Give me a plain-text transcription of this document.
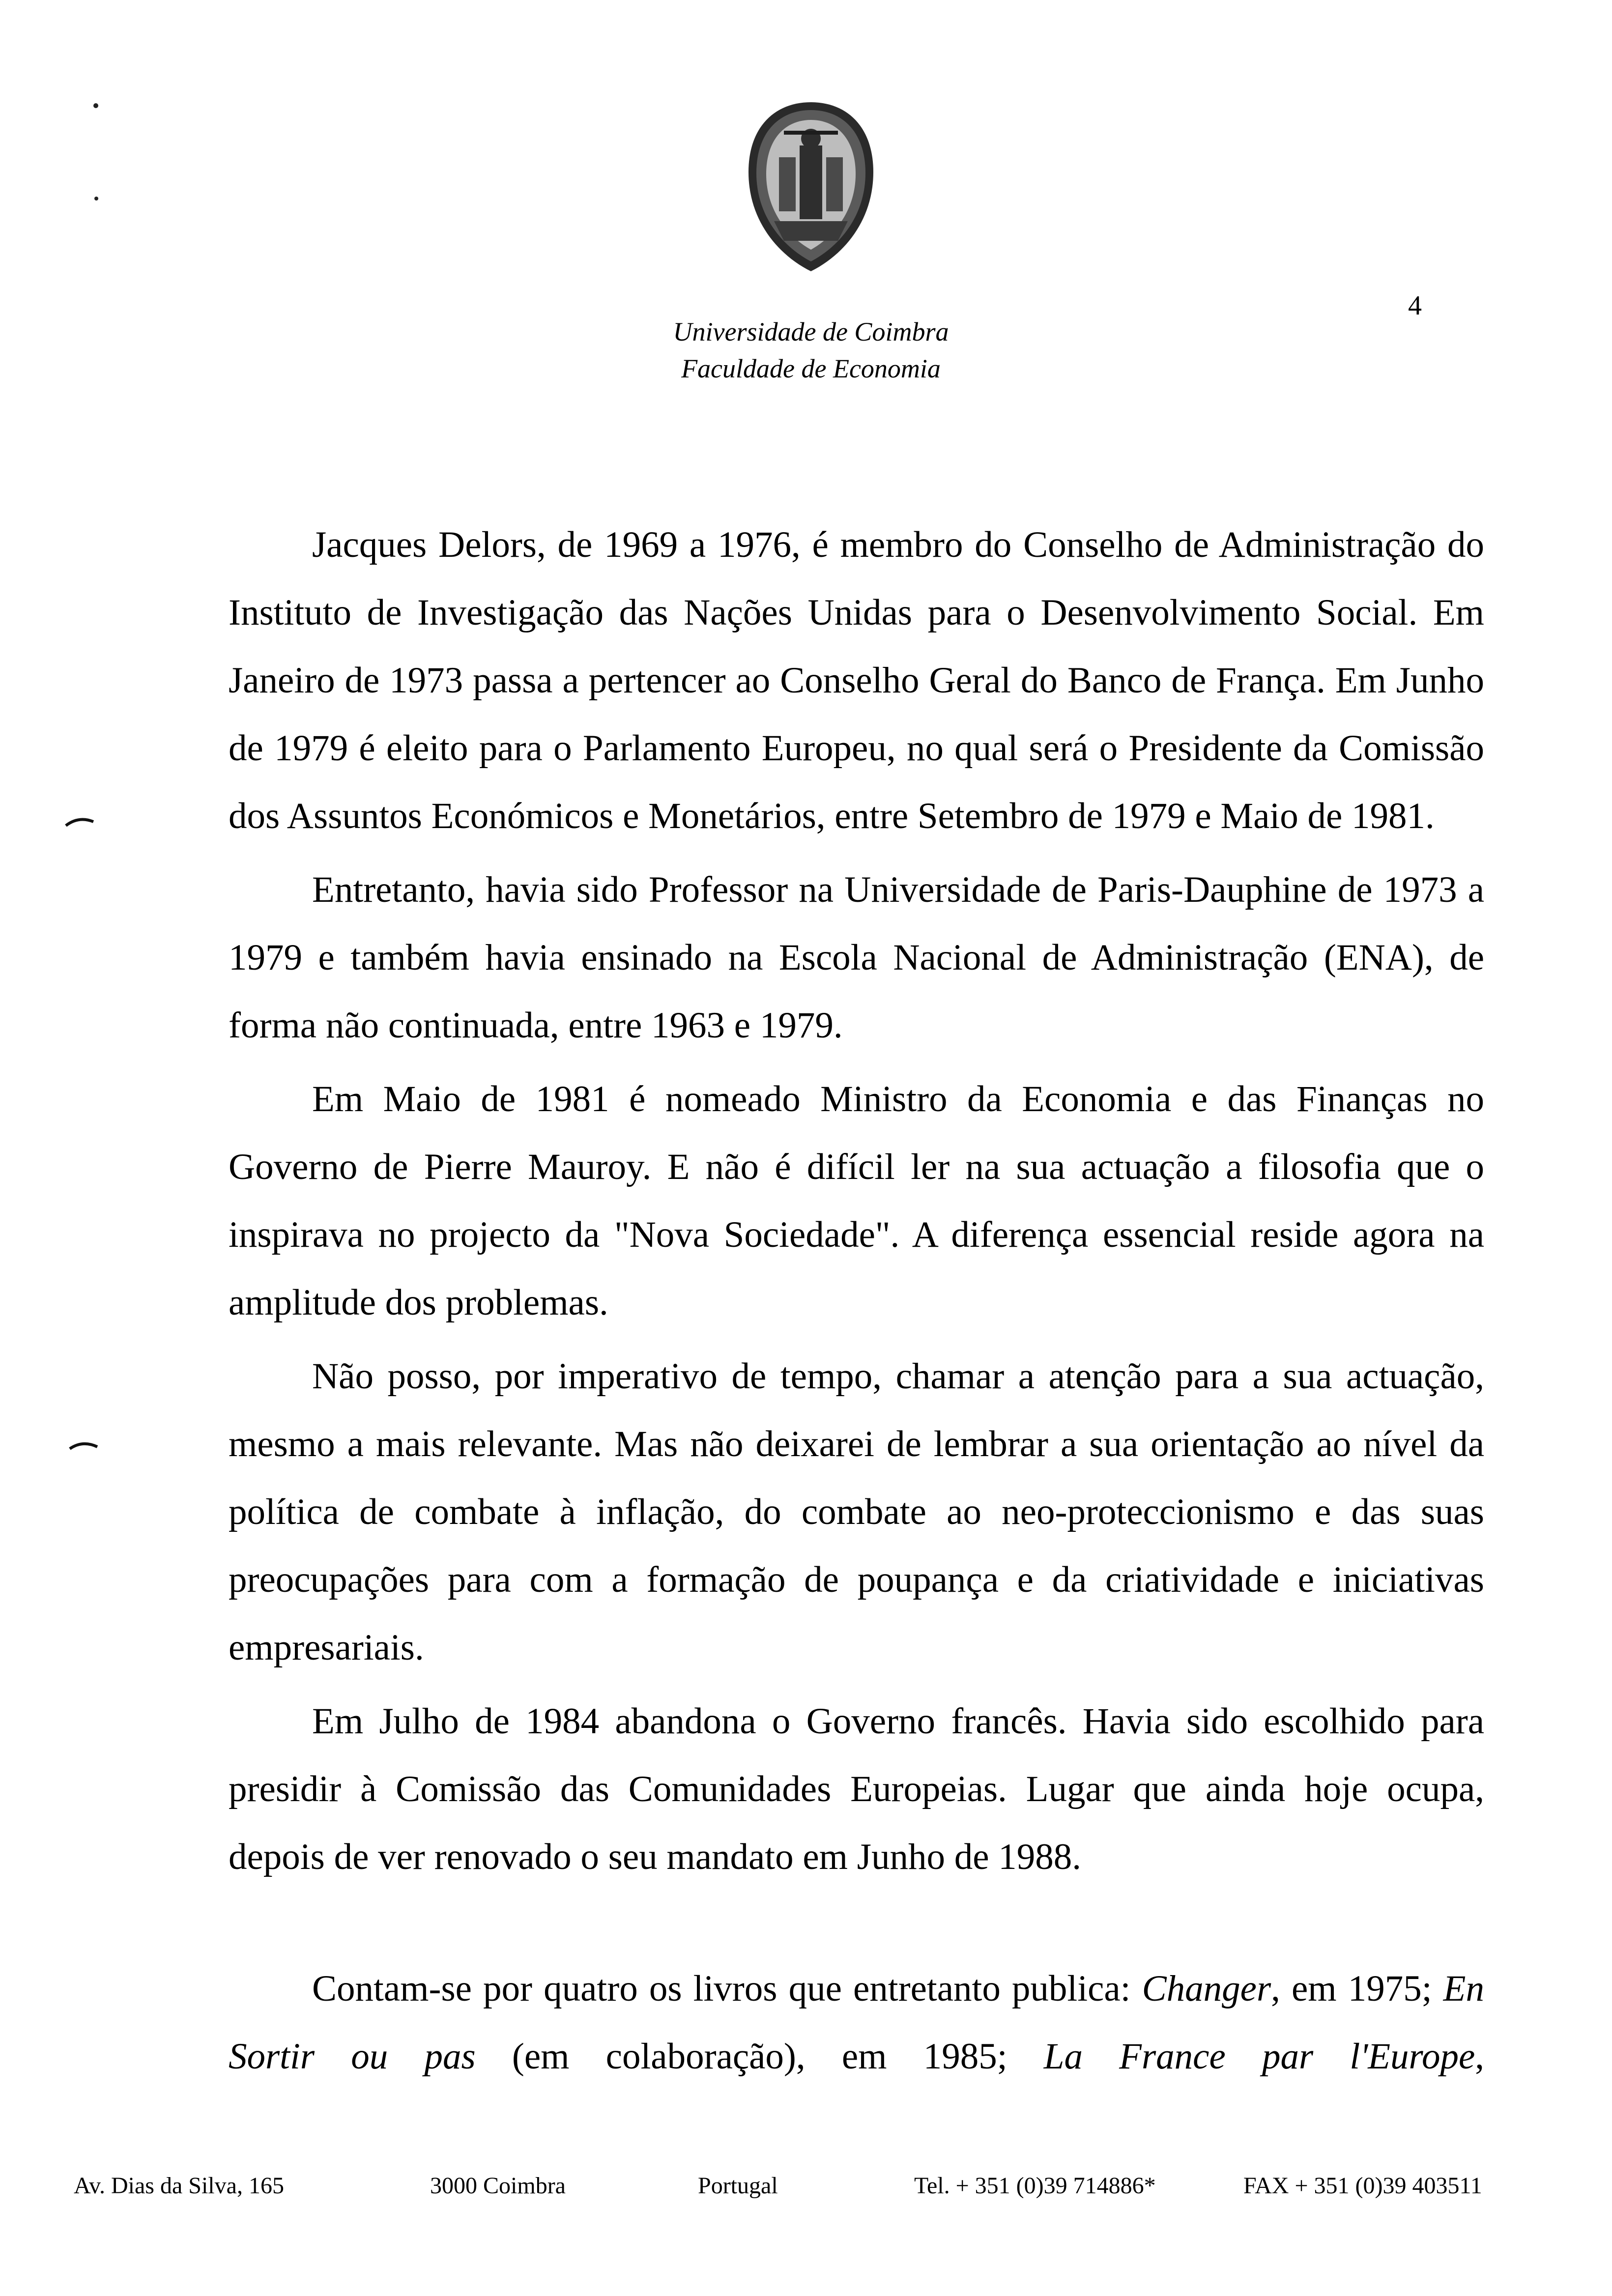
Universidade de Coimbra
Faculdade de Economia
4

Jacques Delors, de 1969 a 1976, é membro do Conselho de Administração do Instituto de Investigação das Nações Unidas para o Desenvolvimento Social. Em Janeiro de 1973 passa a pertencer ao Conselho Geral do Banco de França. Em Junho de 1979 é eleito para o Parlamento Europeu, no qual será o Presidente da Comissão dos Assuntos Económicos e Monetários, entre Setembro de 1979 e Maio de 1981.

Entretanto, havia sido Professor na Universidade de Paris-Dauphine de 1973 a 1979 e também havia ensinado na Escola Nacional de Administração (ENA), de forma não continuada, entre 1963 e 1979.

Em Maio de 1981 é nomeado Ministro da Economia e das Finanças no Governo de Pierre Mauroy. E não é difícil ler na sua actuação a filosofia que o inspirava no projecto da "Nova Sociedade". A diferença essencial reside agora na amplitude dos problemas.

Não posso, por imperativo de tempo, chamar a atenção para a sua actuação, mesmo a mais relevante. Mas não deixarei de lembrar a sua orientação ao nível da política de combate à inflação, do combate ao neo-proteccionismo e das suas preocupações para com a formação de poupança e da criatividade e iniciativas empresariais.

Em Julho de 1984 abandona o Governo francês. Havia sido escolhido para presidir à Comissão das Comunidades Europeias. Lugar que ainda hoje ocupa, depois de ver renovado o seu mandato em Junho de 1988.

Contam-se por quatro os livros que entretanto publica: Changer, em 1975; En Sortir ou pas (em colaboração), em 1985; La France par l'Europe,

Av. Dias da Silva, 165	3000 Coimbra	Portugal	Tel. + 351 (0)39 714886*	FAX + 351 (0)39 403511
